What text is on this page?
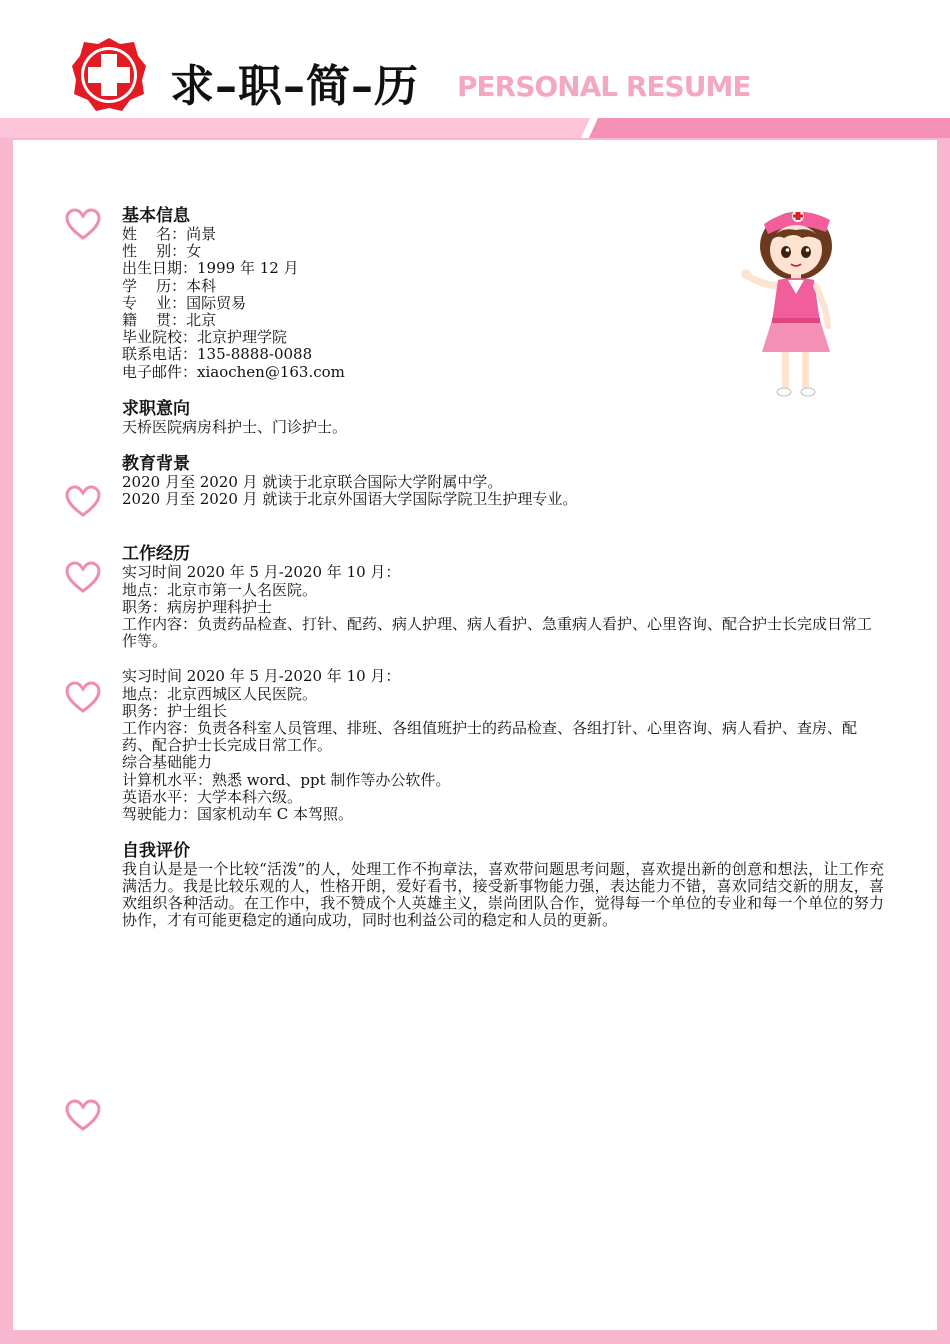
求–职–简–历 PERSONAL RESUME
基本信息
姓    名：尚景
性    别：女
出生日期：1999 年 12 月
学    历：本科
专    业：国际贸易
籍    贯：北京
毕业院校：北京护理学院
联系电话：135-8888-0088
电子邮件：xiaochen@163.com
求职意向
天桥医院病房科护士、门诊护士。
教育背景
2020 月至 2020 月 就读于北京联合国际大学附属中学。
2020 月至 2020 月 就读于北京外国语大学国际学院卫生护理专业。
工作经历
实习时间 2020 年 5 月-2020 年 10 月：
地点：北京市第一人名医院。
职务：病房护理科护士
工作内容：负责药品检查、打针、配药、病人护理、病人看护、急重病人看护、心里咨询、配合护士长完成日常工作等。
实习时间 2020 年 5 月-2020 年 10 月：
地点：北京西城区人民医院。
职务：护士组长
工作内容：负责各科室人员管理、排班、各组值班护士的药品检查、各组打针、心里咨询、病人看护、查房、配药、配合护士长完成日常工作。
综合基础能力
计算机水平：熟悉 word、ppt 制作等办公软件。
英语水平：大学本科六级。
驾驶能力：国家机动车 C 本驾照。
自我评价
我自认是是一个比较“活泼”的人，处理工作不拘章法，喜欢带问题思考问题，喜欢提出新的创意和想法，让工作充满活力。我是比较乐观的人，性格开朗，爱好看书，接受新事物能力强，表达能力不错，喜欢同结交新的朋友，喜欢组织各种活动。在工作中，我不赞成个人英雄主义，崇尚团队合作，觉得每一个单位的专业和每一个单位的努力协作，才有可能更稳定的通向成功，同时也利益公司的稳定和人员的更新。
